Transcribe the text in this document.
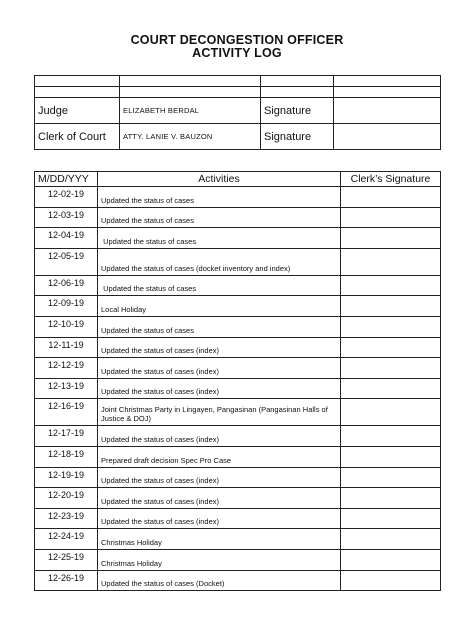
COURT DECONGESTION OFFICER
ACTIVITY LOG

Judge	ELIZABETH BERDAL	Signature	
Clerk of Court	ATTY. LANIE V. BAUZON	Signature	
M/DD/YYY	Activities	Clerk’s Signature
12-02-19	Updated the status of cases	
12-03-19	Updated the status of cases	
12-04-19	Updated the status of cases	
12-05-19	Updated the status of cases (docket inventory and index)	
12-06-19	Updated the status of cases	
12-09-19	Local Holiday	
12-10-19	Updated the status of cases	
12-11-19	Updated the status of cases (index)	
12-12-19	Updated the status of cases (index)	
12-13-19	Updated the status of cases (index)	
12-16-19	Joint Christmas Party in Lingayen, Pangasinan (Pangasinan Halls of Justice & DOJ)	
12-17-19	Updated the status of cases (index)	
12-18-19	Prepared draft decision Spec Pro Case	
12-19-19	Updated the status of cases (index)	
12-20-19	Updated the status of cases (index)	
12-23-19	Updated the status of cases (index)	
12-24-19	Christmas Holiday	
12-25-19	Christmas Holiday	
12-26-19	Updated the status of cases (Docket)	
